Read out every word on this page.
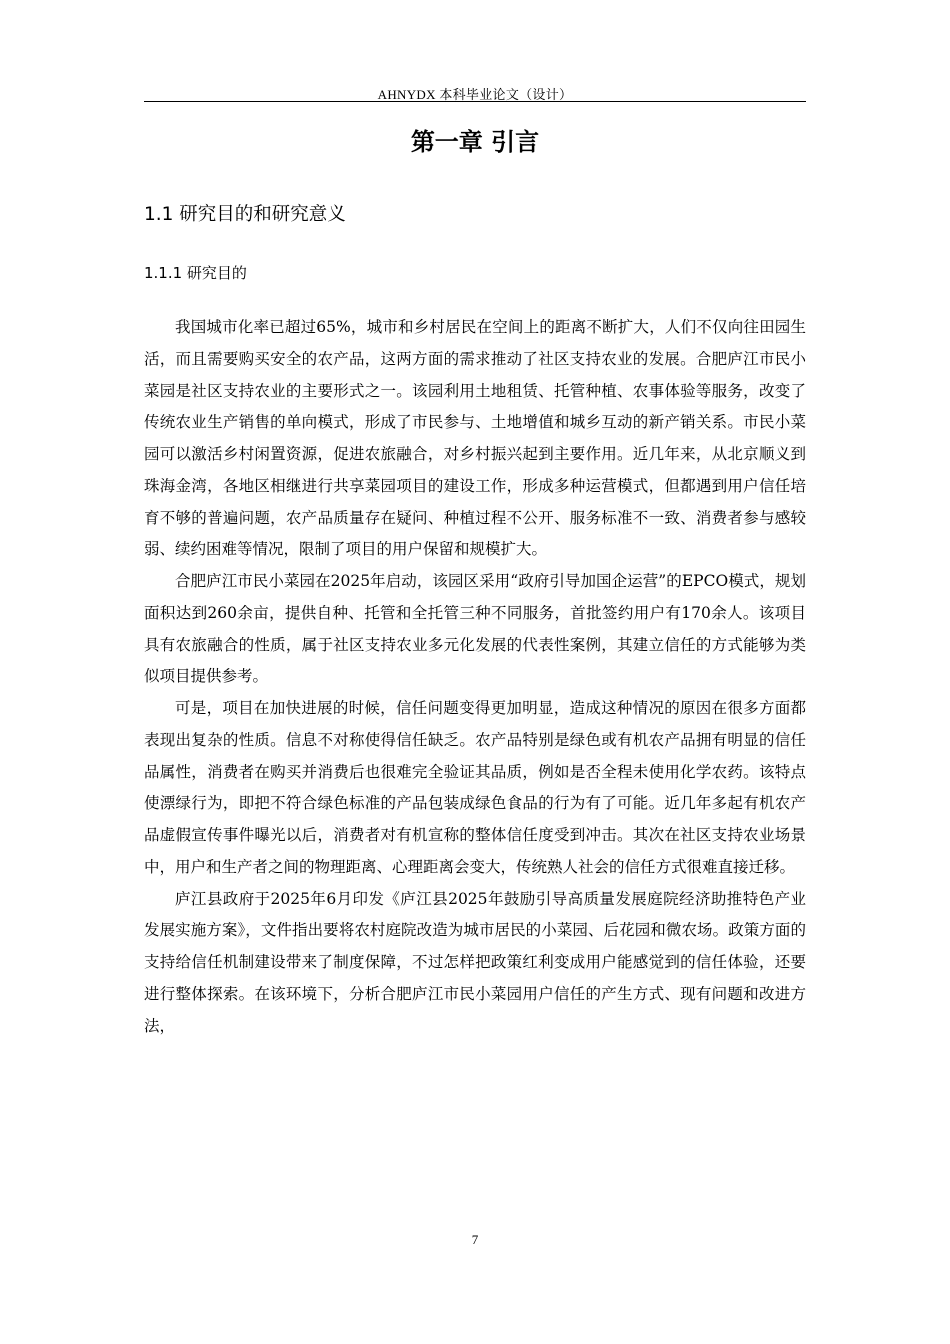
AHNYDX 本科毕业论文（设计）
第一章 引言
1.1 研究目的和研究意义
1.1.1 研究目的

我国城市化率已超过65%，城市和乡村居民在空间上的距离不断扩大，人们不仅向往田园生活，而且需要购买安全的农产品，这两方面的需求推动了社区支持农业的发展。合肥庐江市民小菜园是社区支持农业的主要形式之一。该园利用土地租赁、托管种植、农事体验等服务，改变了传统农业生产销售的单向模式，形成了市民参与、土地增值和城乡互动的新产销关系。市民小菜园可以激活乡村闲置资源，促进农旅融合，对乡村振兴起到主要作用。近几年来，从北京顺义到珠海金湾，各地区相继进行共享菜园项目的建设工作，形成多种运营模式，但都遇到用户信任培育不够的普遍问题，农产品质量存在疑问、种植过程不公开、服务标准不一致、消费者参与感较弱、续约困难等情况，限制了项目的用户保留和规模扩大。

合肥庐江市民小菜园在2025年启动，该园区采用“政府引导加国企运营”的EPCO模式，规划面积达到260余亩，提供自种、托管和全托管三种不同服务，首批签约用户有170余人。该项目具有农旅融合的性质，属于社区支持农业多元化发展的代表性案例，其建立信任的方式能够为类似项目提供参考。

可是，项目在加快进展的时候，信任问题变得更加明显，造成这种情况的原因在很多方面都表现出复杂的性质。信息不对称使得信任缺乏。农产品特别是绿色或有机农产品拥有明显的信任品属性，消费者在购买并消费后也很难完全验证其品质，例如是否全程未使用化学农药。该特点使漂绿行为，即把不符合绿色标准的产品包装成绿色食品的行为有了可能。近几年多起有机农产品虚假宣传事件曝光以后，消费者对有机宣称的整体信任度受到冲击。其次在社区支持农业场景中，用户和生产者之间的物理距离、心理距离会变大，传统熟人社会的信任方式很难直接迁移。

庐江县政府于2025年6月印发《庐江县2025年鼓励引导高质量发展庭院经济助推特色产业发展实施方案》，文件指出要将农村庭院改造为城市居民的小菜园、后花园和微农场。政策方面的支持给信任机制建设带来了制度保障，不过怎样把政策红利变成用户能感觉到的信任体验，还要进行整体探索。在该环境下，分析合肥庐江市民小菜园用户信任的产生方式、现有问题和改进方法，

7
